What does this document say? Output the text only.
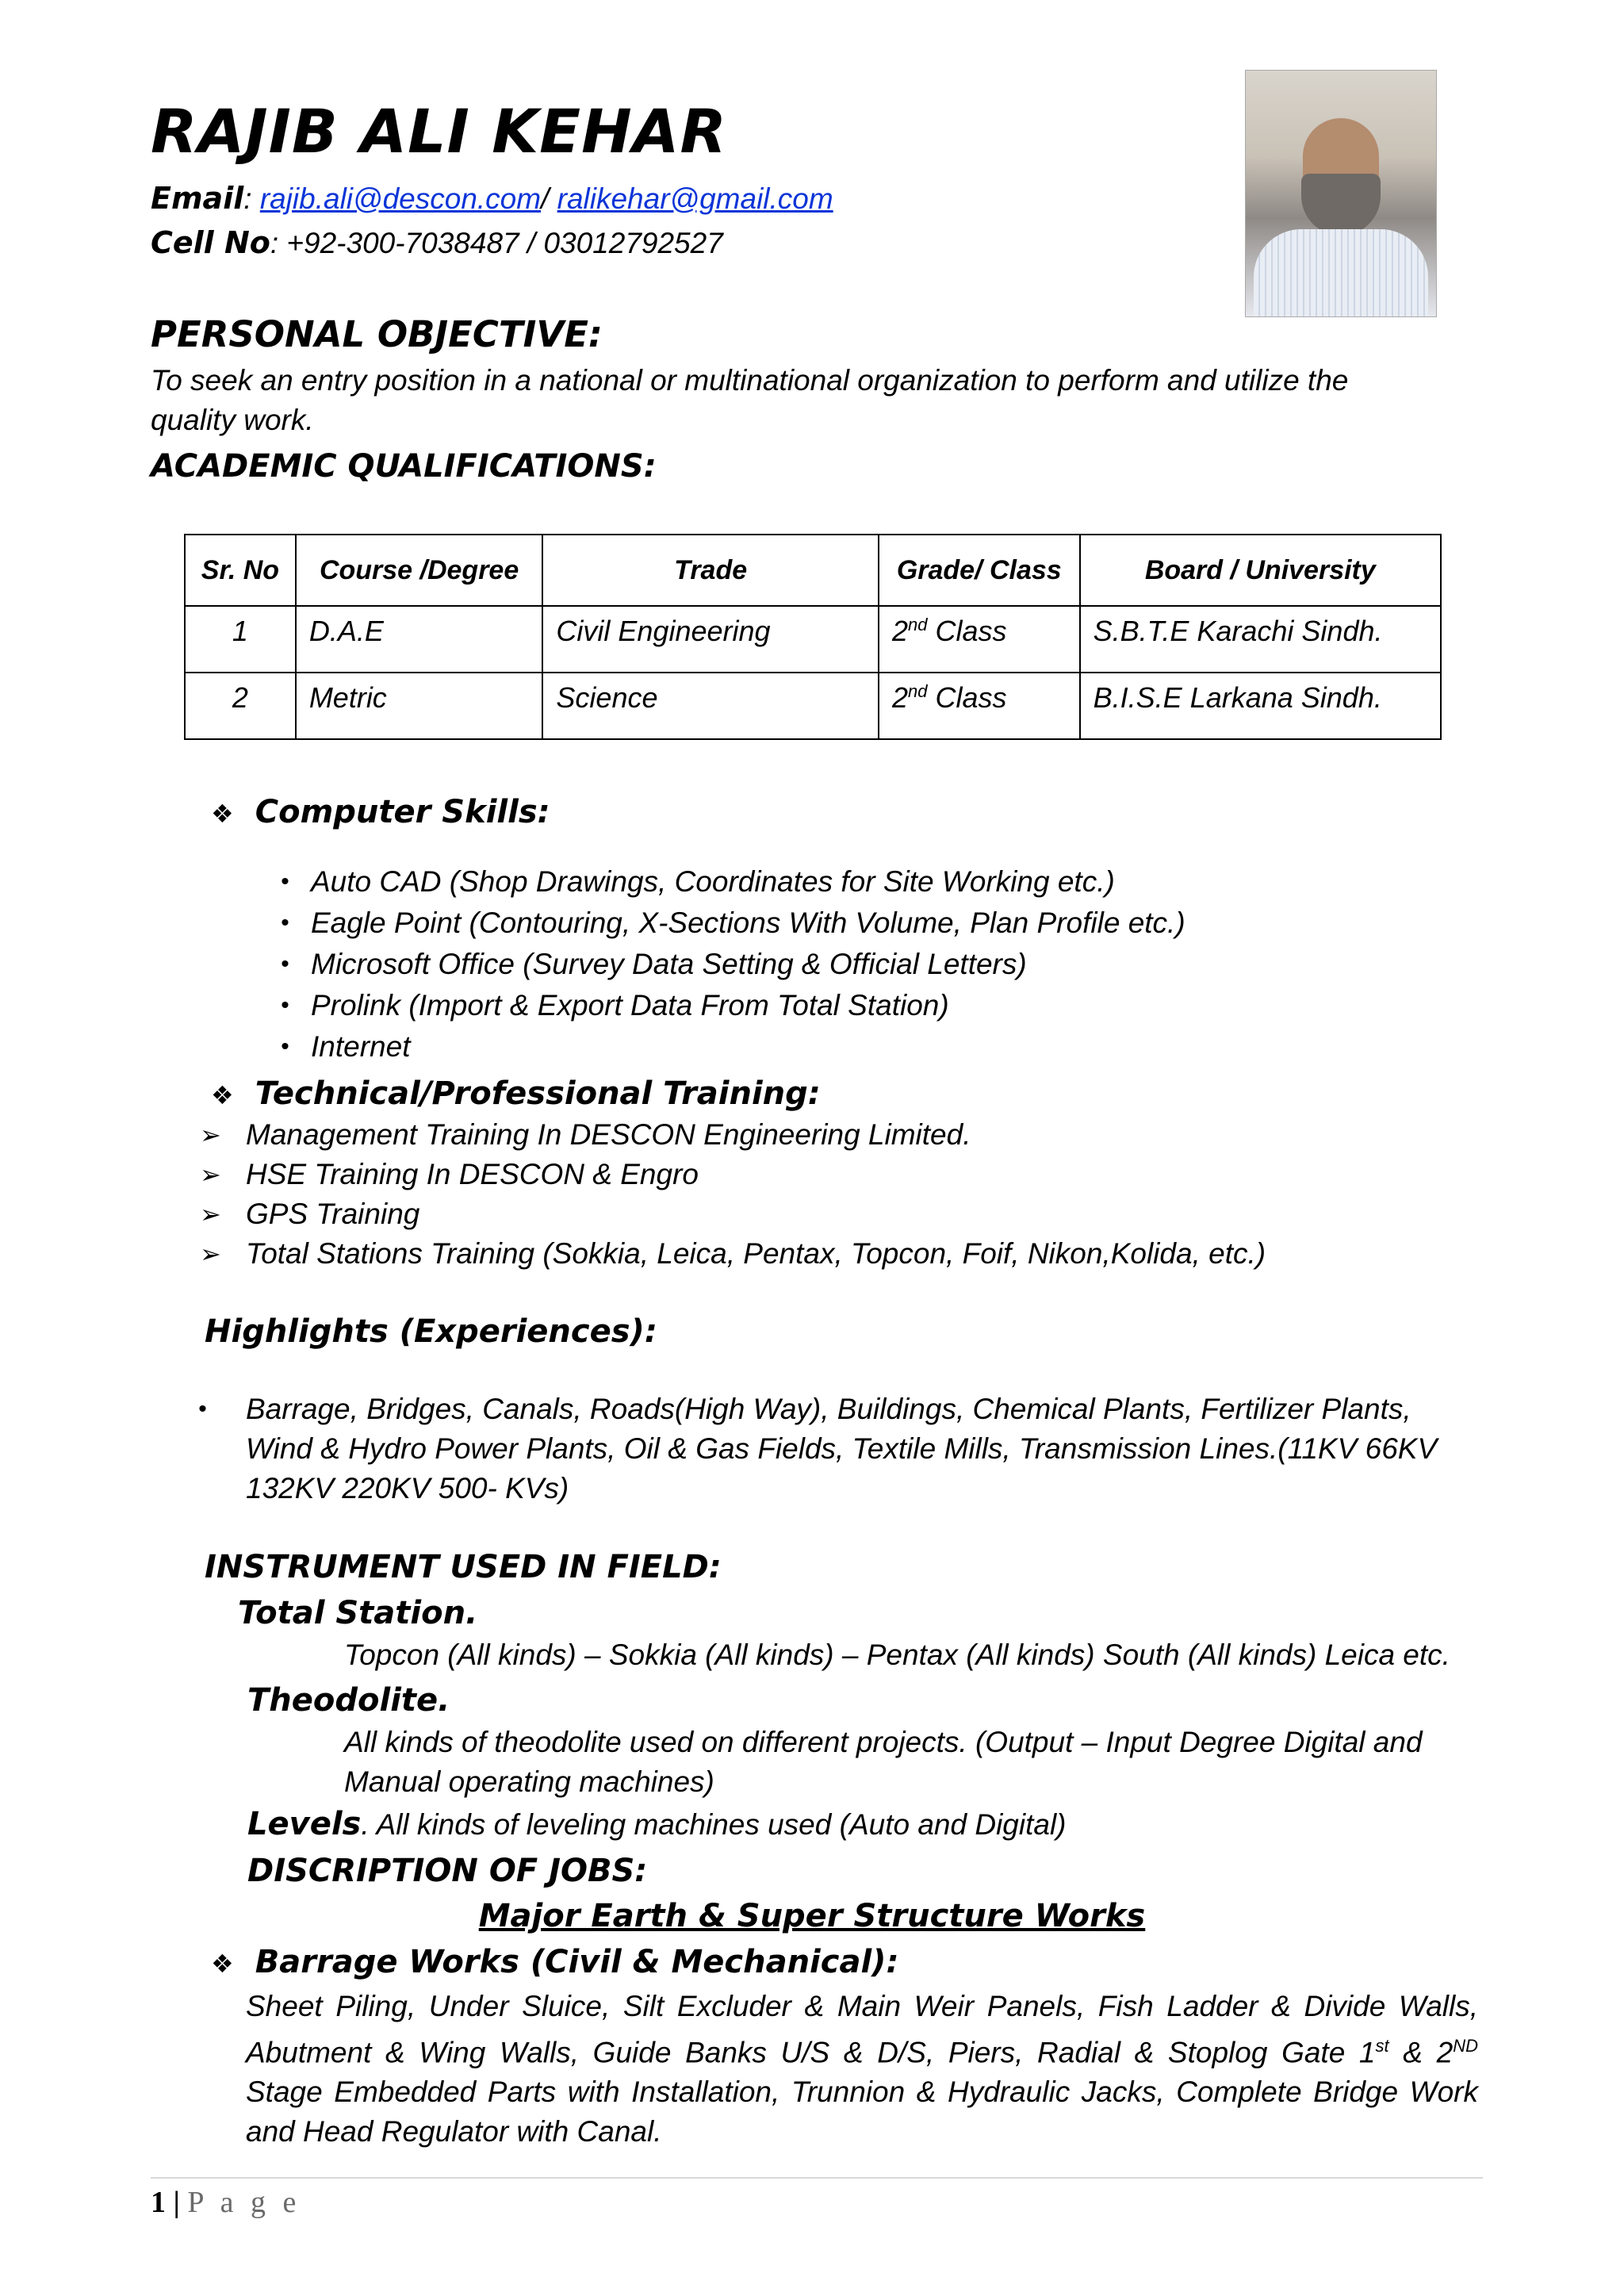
RAJIB ALI KEHAR
Email: rajib.ali@descon.com/ ralikehar@gmail.com
Cell No: +92-300-7038487 / 03012792527
PERSONAL OBJECTIVE:
To seek an entry position in a national or multinational organization to perform and utilize the
quality work.
ACADEMIC QUALIFICATIONS:
Sr. No	Course /Degree	Trade	Grade/ Class	Board / University
1	D.A.E	Civil Engineering	2nd Class	S.B.T.E Karachi Sindh.
2	Metric	Science	2nd Class	B.I.S.E Larkana Sindh.
❖ Computer Skills:
• Auto CAD (Shop Drawings, Coordinates for Site Working etc.)
• Eagle Point (Contouring, X-Sections With Volume, Plan Profile etc.)
• Microsoft Office (Survey Data Setting & Official Letters)
• Prolink (Import & Export Data From Total Station)
• Internet
❖ Technical/Professional Training:
➢ Management Training In DESCON Engineering Limited.
➢ HSE Training In DESCON & Engro
➢ GPS Training
➢ Total Stations Training (Sokkia, Leica, Pentax, Topcon, Foif, Nikon,Kolida, etc.)
Highlights (Experiences):
• Barrage, Bridges, Canals, Roads(High Way), Buildings, Chemical Plants, Fertilizer Plants,
Wind & Hydro Power Plants, Oil & Gas Fields, Textile Mills, Transmission Lines.(11KV 66KV
132KV 220KV 500- KVs)
INSTRUMENT USED IN FIELD:
Total Station.
Topcon (All kinds) – Sokkia (All kinds) – Pentax (All kinds) South (All kinds) Leica etc.
Theodolite.
All kinds of theodolite used on different projects. (Output – Input Degree Digital and
Manual operating machines)
Levels. All kinds of leveling machines used (Auto and Digital)
DISCRIPTION OF JOBS:
Major Earth & Super Structure Works
❖ Barrage Works (Civil & Mechanical):
Sheet Piling, Under Sluice, Silt Excluder & Main Weir Panels, Fish Ladder & Divide Walls,
Abutment & Wing Walls, Guide Banks U/S & D/S, Piers, Radial & Stoplog Gate 1st & 2ND
Stage Embedded Parts with Installation, Trunnion & Hydraulic Jacks, Complete Bridge Work
and Head Regulator with Canal.
1 | P a g e
